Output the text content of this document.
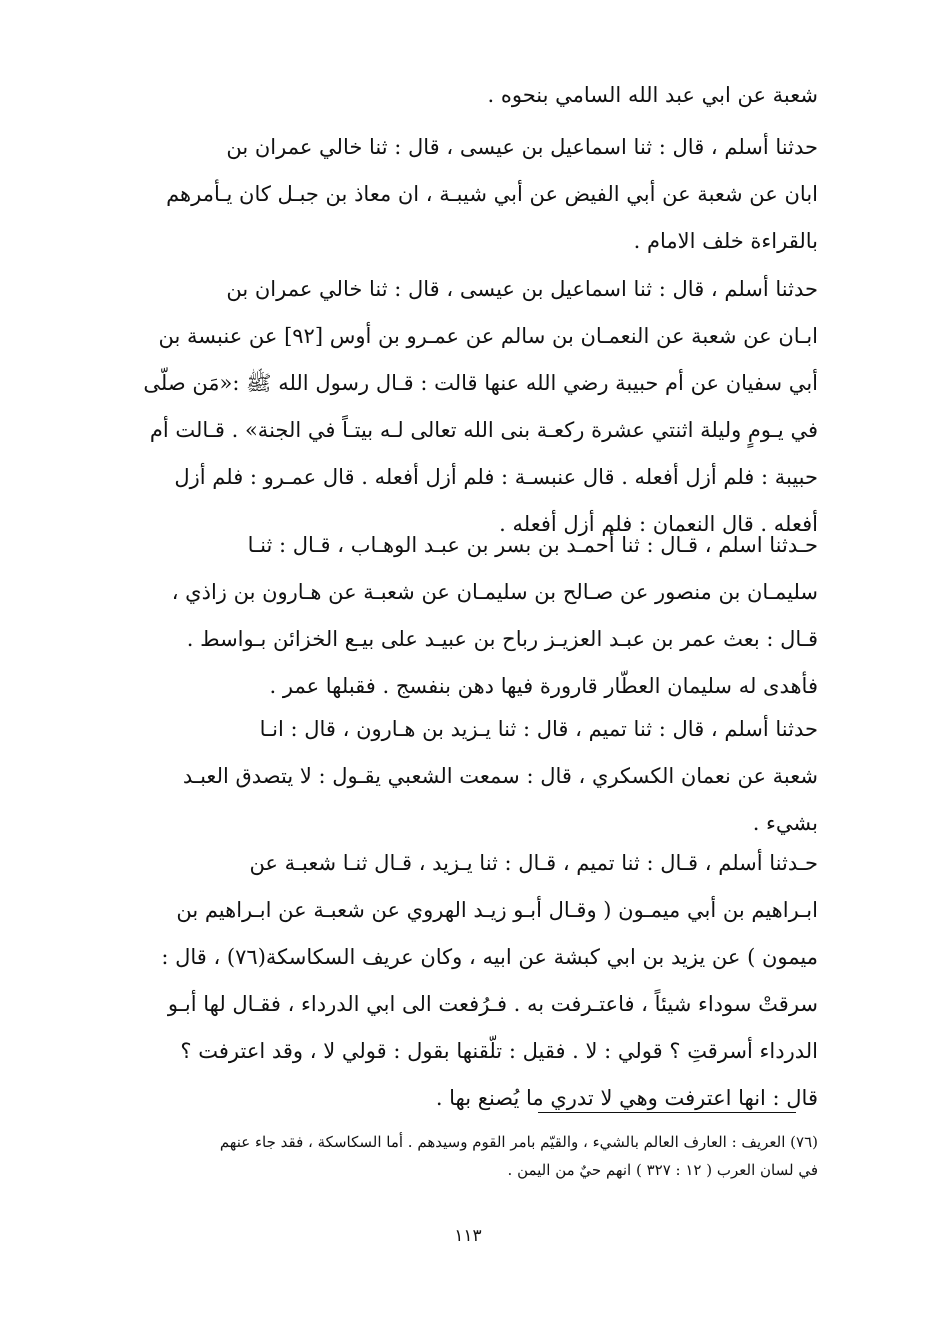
شعبة عن ابي عبد الله السامي بنحوه .
حدثنا أسلم ، قال : ثنا اسماعيل بن عيسى ، قال : ثنا خالي عمران بن
ابان عن شعبة عن أبي الفيض عن أبي شيبـة ، ان معاذ بن جبـل كان يـأمرهم
بالقراءة خلف الامام .
حدثنا أسلم ، قال : ثنا اسماعيل بن عيسى ، قال : ثنا خالي عمران بن
ابـان عن شعبة عن النعمـان بن سالم عن عمـرو بن أوس [٩٢] عن عنبسة بن
أبي سفيان عن أم حبيبة رضي الله عنها قالت : قـال رسول الله ﷺ :«مَن صلّى
في يـومٍ وليلة اثنتي عشرة ركعـة بنى الله تعالى لـه بيتـاً في الجنة» . قـالت أم
حبيبة : فلم أزل أفعله . قال عنبسـة : فلم أزل أفعله . قال عمـرو : فلم أزل
أفعله . قال النعمان : فلم أزل أفعله .
حـدثنا اسلم ، قـال : ثنا أحمـد بن بسر بن عبـد الوهـاب ، قـال : ثنـا
سليمـان بن منصور عن صـالح بن سليمـان عن شعبـة عن هـارون بن زاذي ،
قـال : بعث عمر بن عبـد العزيـز رباح بن عبيـد على بيـع الخزائن بـواسط .
فأهدى له سليمان العطّار قارورة فيها دهن بنفسج . فقبلها عمر .
حدثنا أسلم ، قال : ثنا تميم ، قال : ثنا يـزيد بن هـارون ، قال : انـا
شعبة عن نعمان الكسكري ، قال : سمعت الشعبي يقـول : لا يتصدق العبـد
بشيء .
حـدثنا أسلم ، قـال : ثنا تميم ، قـال : ثنا يـزيد ، قـال ثنـا شعبـة عن
ابـراهيم بن أبي ميمـون ( وقـال أبـو زيـد الهروي عن شعبـة عن ابـراهيم بن
ميمون ) عن يزيد بن ابي كبشة عن ابيه ، وكان عريف السكاسكة(٧٦) ، قال :
سرقتْ سوداء شيئاً ، فاعتـرفت به . فـرُفعت الى ابي الدرداء ، فقـال لها أبـو
الدرداء أسرقتِ ؟ قولي : لا . فقيل : تلّقنها بقول : قولي لا ، وقد اعترفت ؟
قال : انها اعترفت وهي لا تدري ما يُصنع بها .
(٧٦) العريف : العارف العالم بالشيء ، والقيّم بامر القوم وسيدهم . أما السكاسكة ، فقد جاء عنهم
في لسان العرب ( ١٢ : ٣٢٧ ) انهم حيٌ من اليمن .
١١٣
